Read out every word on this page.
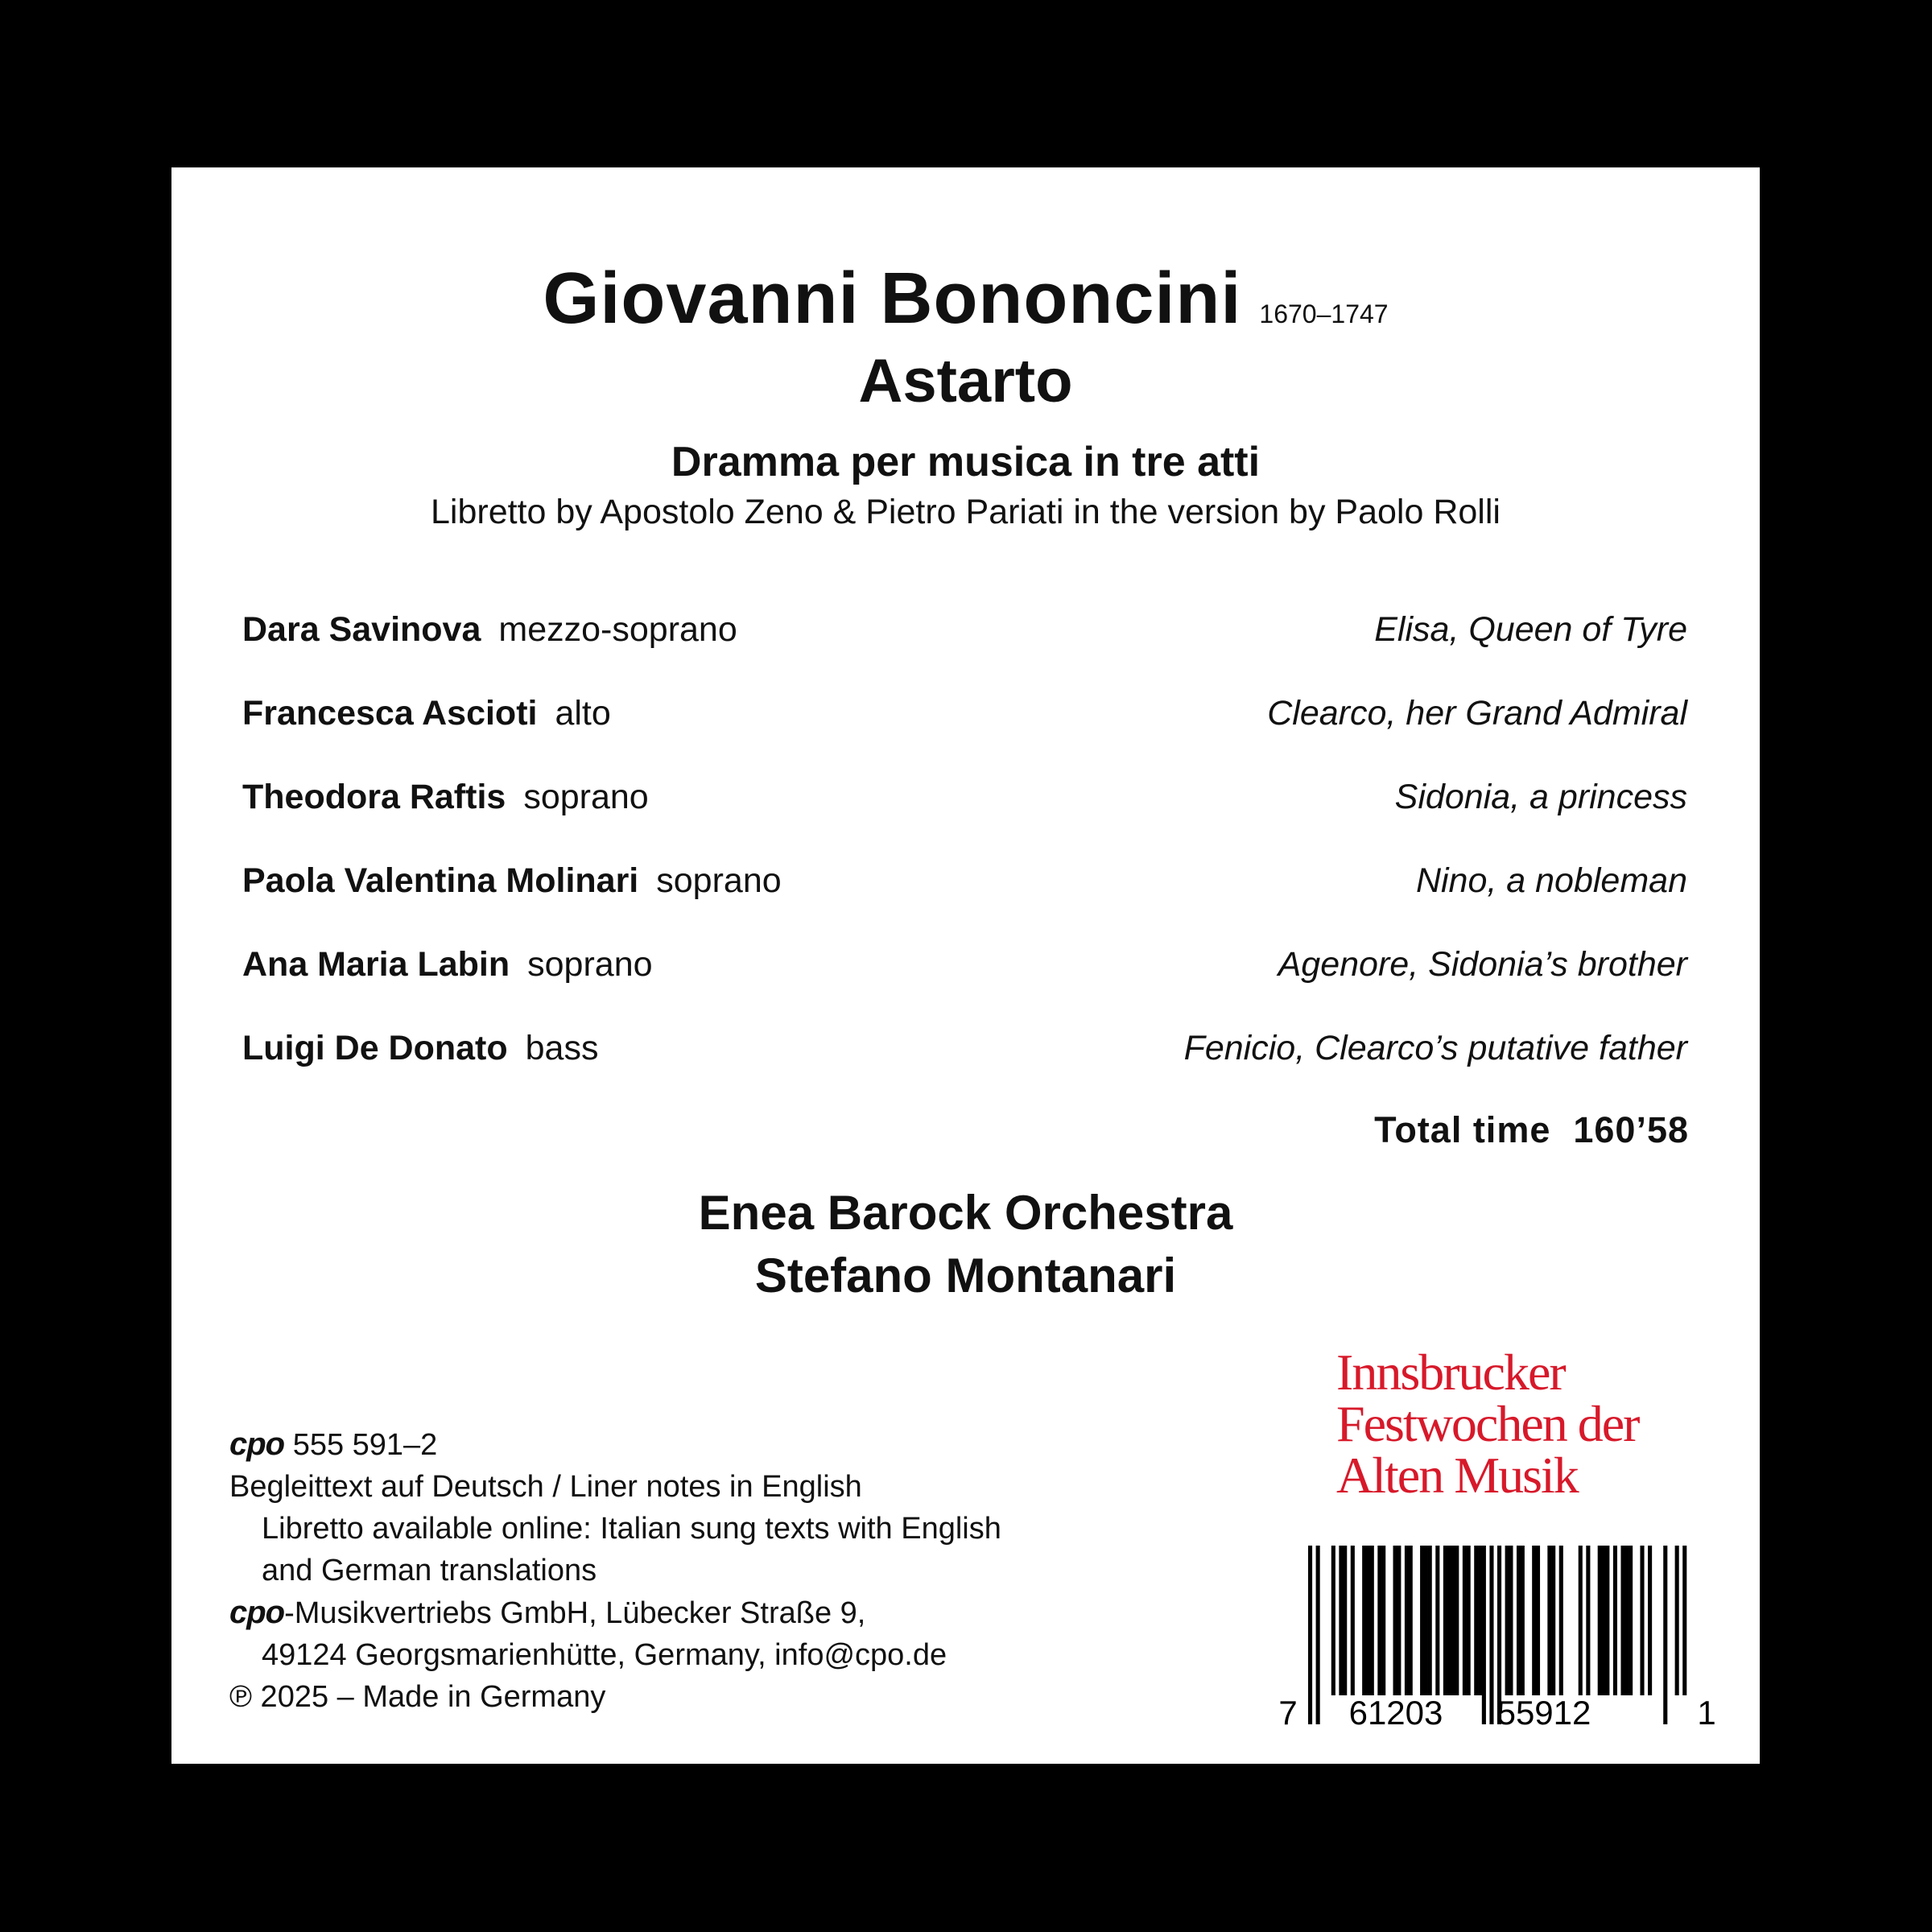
Giovanni Bononcini 1670–1747
Astarto
Dramma per musica in tre atti
Libretto by Apostolo Zeno & Pietro Pariati in the version by Paolo Rolli
Dara Savinova mezzo-soprano	Elisa, Queen of Tyre
Francesca Ascioti alto	Clearco, her Grand Admiral
Theodora Raftis soprano	Sidonia, a princess
Paola Valentina Molinari soprano	Nino, a nobleman
Ana Maria Labin soprano	Agenore, Sidonia’s brother
Luigi De Donato bass	Fenicio, Clearco’s putative father
Total time 160’58
Enea Barock Orchestra
Stefano Montanari
Innsbrucker
Festwochen der
Alten Musik
cpo 555 591–2
Begleittext auf Deutsch / Liner notes in English
Libretto available online: Italian sung texts with English
and German translations
cpo-Musikvertriebs GmbH, Lübecker Straße 9,
49124 Georgsmarienhütte, Germany, info@cpo.de
℗ 2025 – Made in Germany	7 61203 55912	1
